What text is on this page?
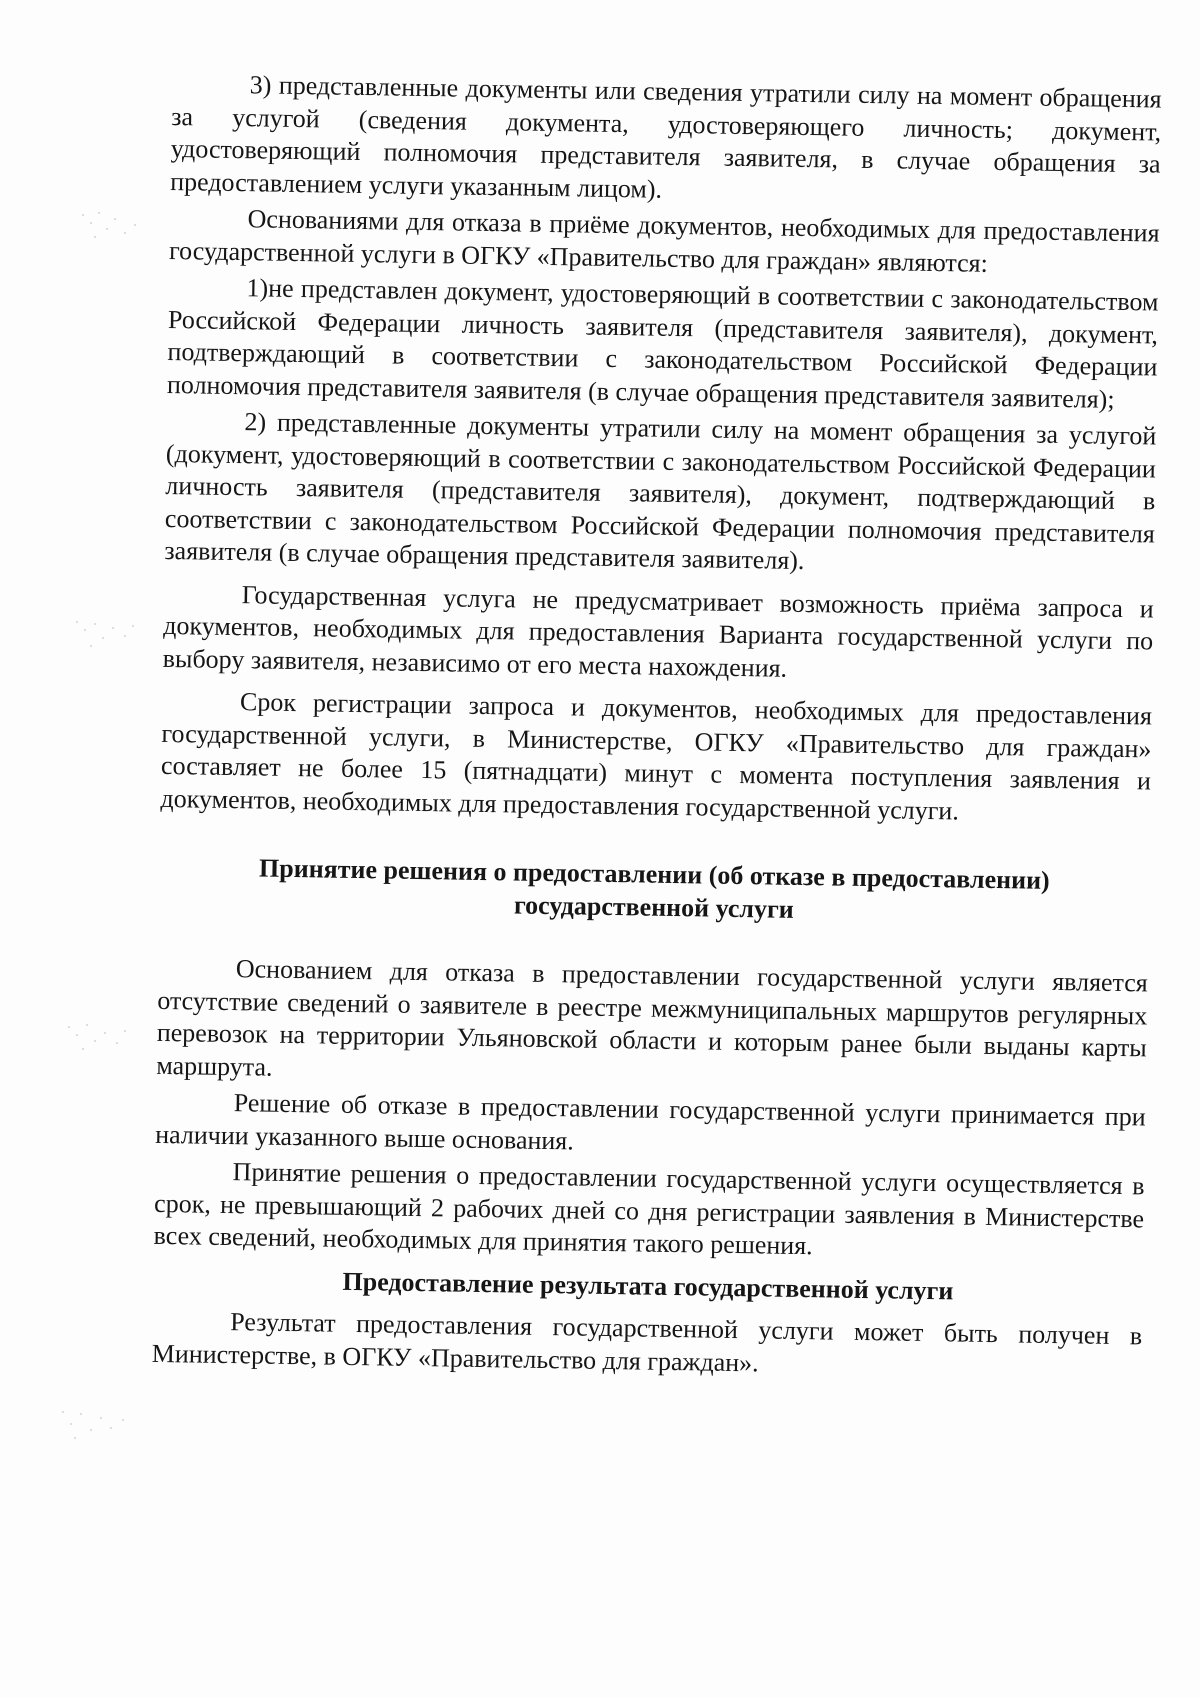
3) представленные документы или сведения утратили силу на момент обращения за услугой (сведения документа, удостоверяющего личность; документ, удостоверяющий полномочия представителя заявителя, в случае обращения за предоставлением услуги указанным лицом).

Основаниями для отказа в приёме документов, необходимых для предоставления государственной услуги в ОГКУ «Правительство для граждан» являются:

1)не представлен документ, удостоверяющий в соответствии с законодательством Российской Федерации личность заявителя (представителя заявителя), документ, подтверждающий в соответствии с законодательством Российской Федерации полномочия представителя заявителя (в случае обращения представителя заявителя);

2) представленные документы утратили силу на момент обращения за услугой (документ, удостоверяющий в соответствии с законодательством Российской Федерации личность заявителя (представителя заявителя), документ, подтверждающий в соответствии с законодательством Российской Федерации полномочия представителя заявителя (в случае обращения представителя заявителя).

Государственная услуга не предусматривает возможность приёма запроса и документов, необходимых для предоставления Варианта государственной услуги по выбору заявителя, независимо от его места нахождения.

Срок регистрации запроса и документов, необходимых для предоставления государственной услуги, в Министерстве, ОГКУ «Правительство для граждан» составляет не более 15 (пятнадцати) минут с момента поступления заявления и документов, необходимых для предоставления государственной услуги.

Принятие решения о предоставлении (об отказе в предоставлении)
государственной услуги

Основанием для отказа в предоставлении государственной услуги является отсутствие сведений о заявителе в реестре межмуниципальных маршрутов регулярных перевозок на территории Ульяновской области и которым ранее были выданы карты маршрута.

Решение об отказе в предоставлении государственной услуги принимается при наличии указанного выше основания.

Принятие решения о предоставлении государственной услуги осуществляется в срок, не превышающий 2 рабочих дней со дня регистрации заявления в Министерстве всех сведений, необходимых для принятия такого решения.

Предоставление результата государственной услуги

Результат предоставления государственной услуги может быть получен в Министерстве, в ОГКУ «Правительство для граждан».
